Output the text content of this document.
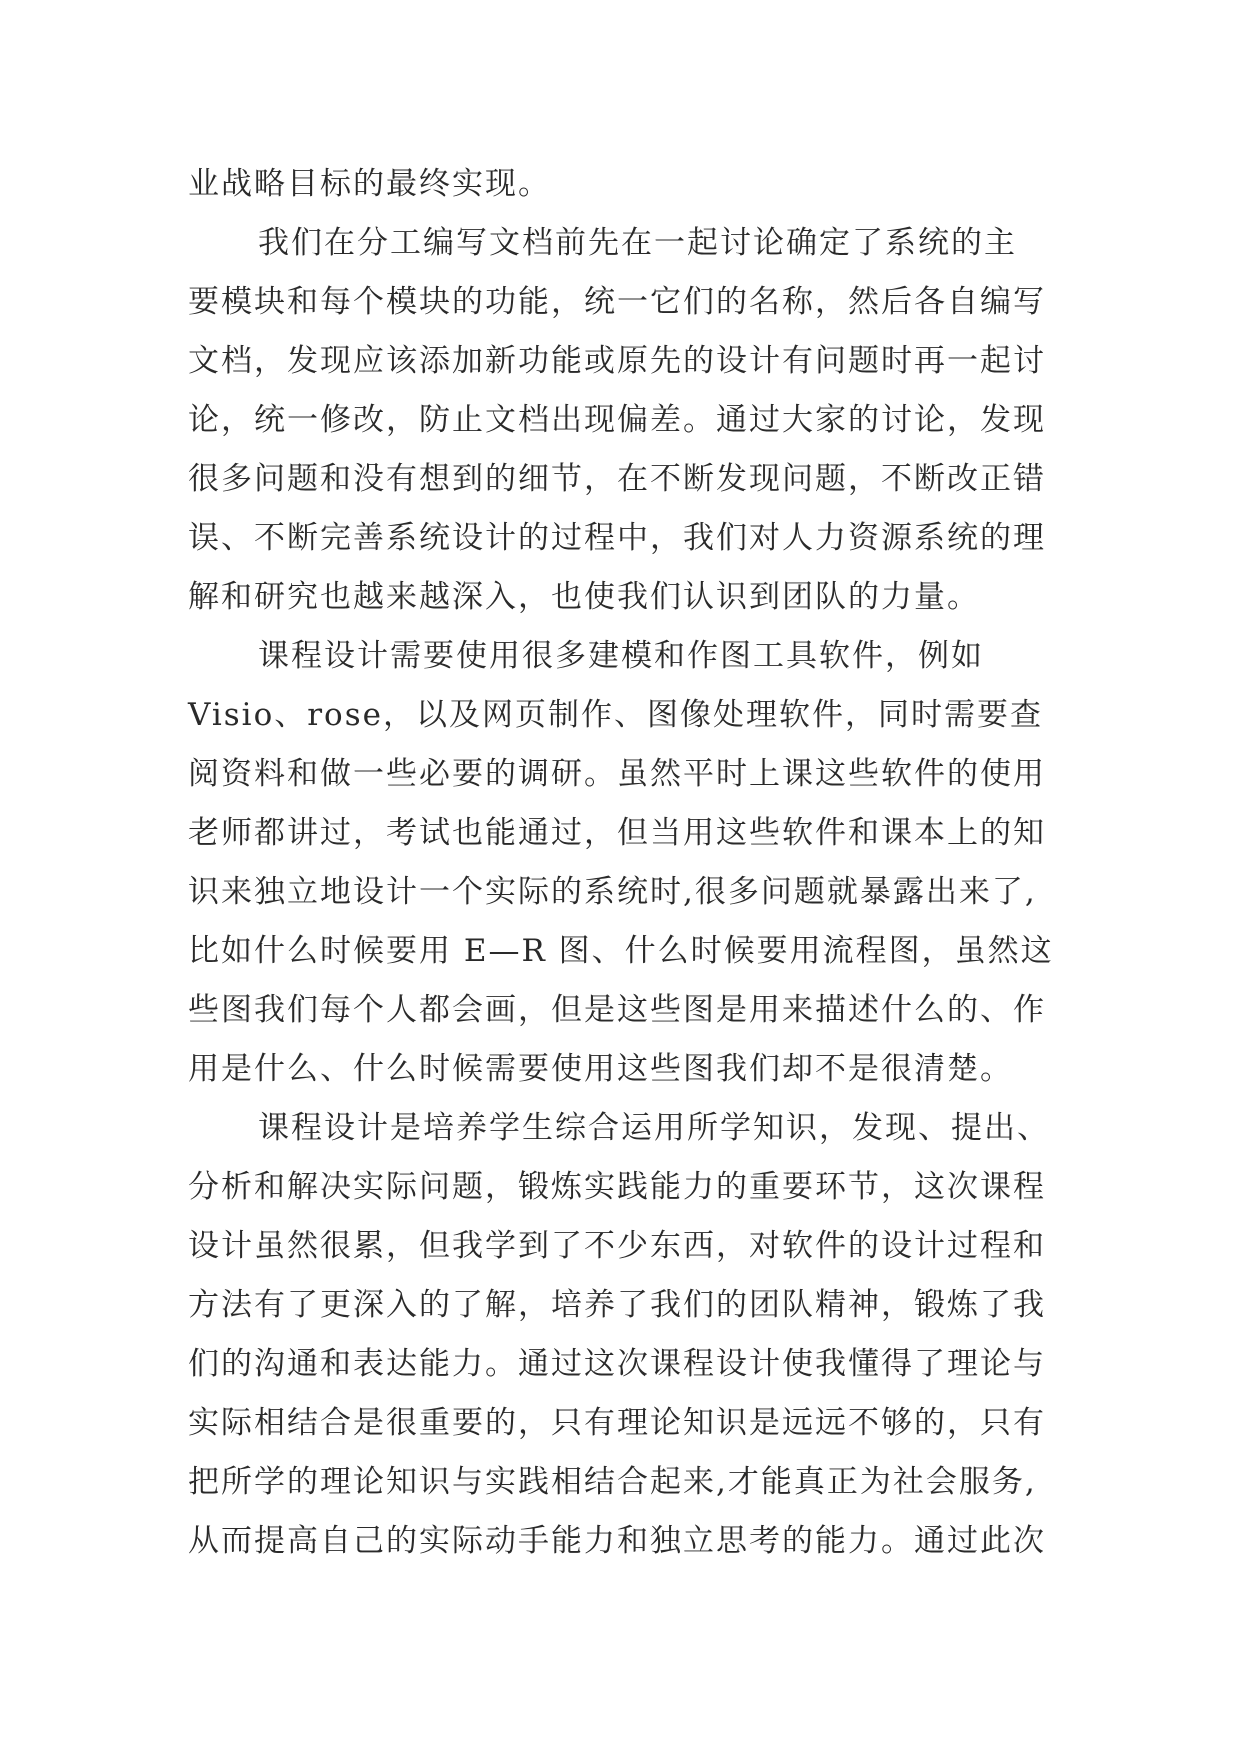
业战略目标的最终实现。
我们在分工编写文档前先在一起讨论确定了系统的主
要模块和每个模块的功能，统一它们的名称，然后各自编写
文档，发现应该添加新功能或原先的设计有问题时再一起讨
论，统一修改，防止文档出现偏差。通过大家的讨论，发现
很多问题和没有想到的细节，在不断发现问题，不断改正错
误、不断完善系统设计的过程中，我们对人力资源系统的理
解和研究也越来越深入，也使我们认识到团队的力量。
课程设计需要使用很多建模和作图工具软件，例如
Visio、rose，以及网页制作、图像处理软件，同时需要查
阅资料和做一些必要的调研。虽然平时上课这些软件的使用
老师都讲过，考试也能通过，但当用这些软件和课本上的知
识来独立地设计一个实际的系统时,很多问题就暴露出来了,
比如什么时候要用 E—R 图、什么时候要用流程图，虽然这
些图我们每个人都会画，但是这些图是用来描述什么的、作
用是什么、什么时候需要使用这些图我们却不是很清楚。
课程设计是培养学生综合运用所学知识，发现、提出、
分析和解决实际问题，锻炼实践能力的重要环节，这次课程
设计虽然很累，但我学到了不少东西，对软件的设计过程和
方法有了更深入的了解，培养了我们的团队精神，锻炼了我
们的沟通和表达能力。通过这次课程设计使我懂得了理论与
实际相结合是很重要的，只有理论知识是远远不够的，只有
把所学的理论知识与实践相结合起来,才能真正为社会服务,
从而提高自己的实际动手能力和独立思考的能力。通过此次
